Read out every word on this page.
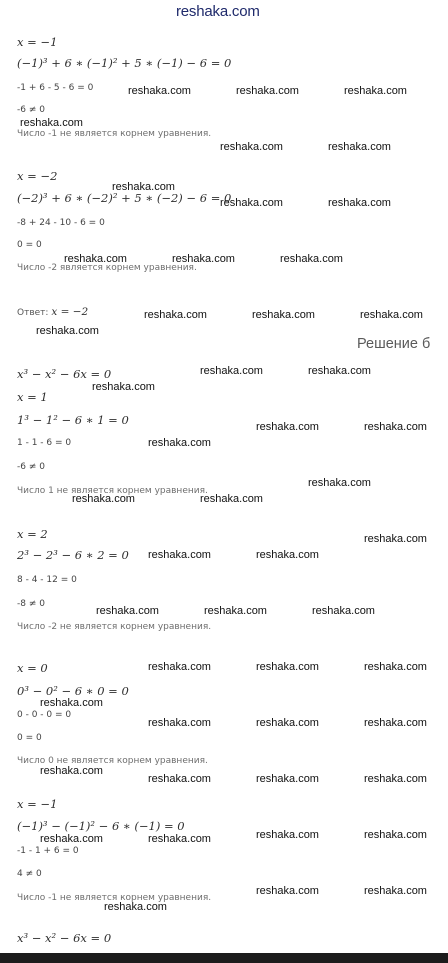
reshaka.com
x = −1
(−1)³ + 6 ∗ (−1)² + 5 ∗ (−1) − 6 = 0
-1 + 6 - 5 - 6 = 0
-6 ≠ 0
Число -1 не является корнем уравнения.
x = −2
(−2)³ + 6 ∗ (−2)² + 5 ∗ (−2) − 6 = 0
-8 + 24 - 10 - 6 = 0
0 = 0
Число -2 является корнем уравнения.
Ответ: x = −2
Решение б
x³ − x² − 6x = 0
x = 1
1³ − 1² − 6 ∗ 1 = 0
1 - 1 - 6 = 0
-6 ≠ 0
Число 1 не является корнем уравнения.
x = 2
2³ − 2³ − 6 ∗ 2 = 0
8 - 4 - 12 = 0
-8 ≠ 0
Число -2 не является корнем уравнения.
x = 0
0³ − 0² − 6 ∗ 0 = 0
0 - 0 - 0 = 0
0 = 0
Число 0 не является корнем уравнения.
x = −1
(−1)³ − (−1)² − 6 ∗ (−1) = 0
-1 - 1 + 6 = 0
4 ≠ 0
Число -1 не является корнем уравнения.
x³ − x² − 6x = 0
reshaka.com	reshaka.com	reshaka.com
reshaka.com
reshaka.com	reshaka.com
reshaka.com
reshaka.com	reshaka.com
reshaka.com	reshaka.com	reshaka.com
reshaka.com	reshaka.com	reshaka.com
reshaka.com
reshaka.com	reshaka.com
reshaka.com
reshaka.com	reshaka.com
reshaka.com
reshaka.com
reshaka.com	reshaka.com
reshaka.com
reshaka.com	reshaka.com
reshaka.com	reshaka.com	reshaka.com
reshaka.com	reshaka.com	reshaka.com
reshaka.com
reshaka.com	reshaka.com	reshaka.com
reshaka.com
reshaka.com	reshaka.com	reshaka.com
reshaka.com	reshaka.com	reshaka.com	reshaka.com
reshaka.com	reshaka.com
reshaka.com
